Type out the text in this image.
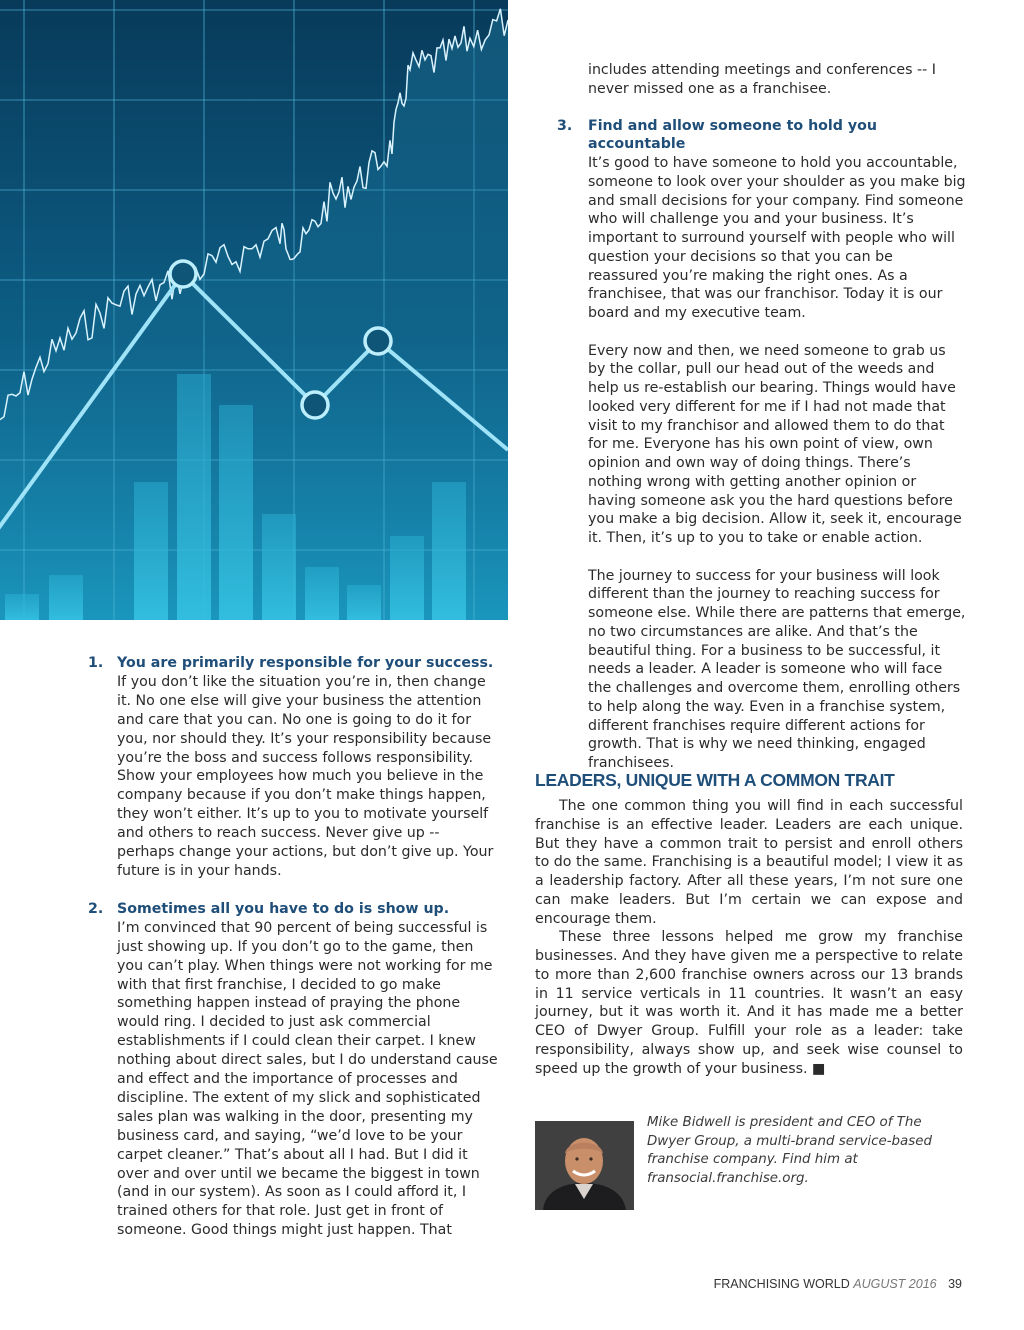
1. You are primarily responsible for your success.
If you don’t like the situation you’re in, then change it. No one else will give your business the attention and care that you can. No one is going to do it for you, nor should they. It’s your responsibility because you’re the boss and success follows responsibility. Show your employees how much you believe in the company because if you don’t make things happen, they won’t either. It’s up to you to motivate yourself and others to reach success. Never give up -- perhaps change your actions, but don’t give up. Your future is in your hands.
2. Sometimes all you have to do is show up.
I’m convinced that 90 percent of being successful is just showing up. If you don’t go to the game, then you can’t play. When things were not working for me with that first franchise, I decided to go make something happen instead of praying the phone would ring. I decided to just ask commercial establishments if I could clean their carpet. I knew nothing about direct sales, but I do understand cause and effect and the importance of processes and discipline. The extent of my slick and sophisticated sales plan was walking in the door, presenting my business card, and saying, “we’d love to be your carpet cleaner.” That’s about all I had. But I did it over and over until we became the biggest in town (and in our system). As soon as I could afford it, I trained others for that role. Just get in front of someone. Good things might just happen. That
includes attending meetings and conferences -- I never missed one as a franchisee.
3. Find and allow someone to hold you accountable
It’s good to have someone to hold you accountable, someone to look over your shoulder as you make big and small decisions for your company. Find someone who will challenge you and your business. It’s important to surround yourself with people who will question your decisions so that you can be reassured you’re making the right ones. As a franchisee, that was our franchisor. Today it is our board and my executive team.
Every now and then, we need someone to grab us by the collar, pull our head out of the weeds and help us re-establish our bearing. Things would have looked very different for me if I had not made that visit to my franchisor and allowed them to do that for me. Everyone has his own point of view, own opinion and own way of doing things. There’s nothing wrong with getting another opinion or having someone ask you the hard questions before you make a big decision. Allow it, seek it, encourage it. Then, it’s up to you to take or enable action.
The journey to success for your business will look different than the journey to reaching success for someone else. While there are patterns that emerge, no two circumstances are alike. And that’s the beautiful thing. For a business to be successful, it needs a leader. A leader is someone who will face the challenges and overcome them, enrolling others to help along the way. Even in a franchise system, different franchises require different actions for growth. That is why we need thinking, engaged franchisees.
LEADERS, UNIQUE WITH A COMMON TRAIT

The one common thing you will find in each successful franchise is an effective leader. Leaders are each unique. But they have a common trait to persist and enroll others to do the same. Franchising is a beautiful model; I view it as a leadership factory. After all these years, I’m not sure one can make leaders. But I’m certain we can expose and encourage them.

These three lessons helped me grow my franchise businesses. And they have given me a perspective to relate to more than 2,600 franchise owners across our 13 brands in 11 service verticals in 11 countries. It wasn’t an easy journey, but it was worth it. And it has made me a better CEO of Dwyer Group. Fulfill your role as a leader: take responsibility, always show up, and seek wise counsel to speed up the growth of your business. ■

Mike Bidwell is president and CEO of The Dwyer Group, a multi-brand service-based franchise company. Find him at fransocial.franchise.org.
FRANCHISING WORLD AUGUST 2016 39
